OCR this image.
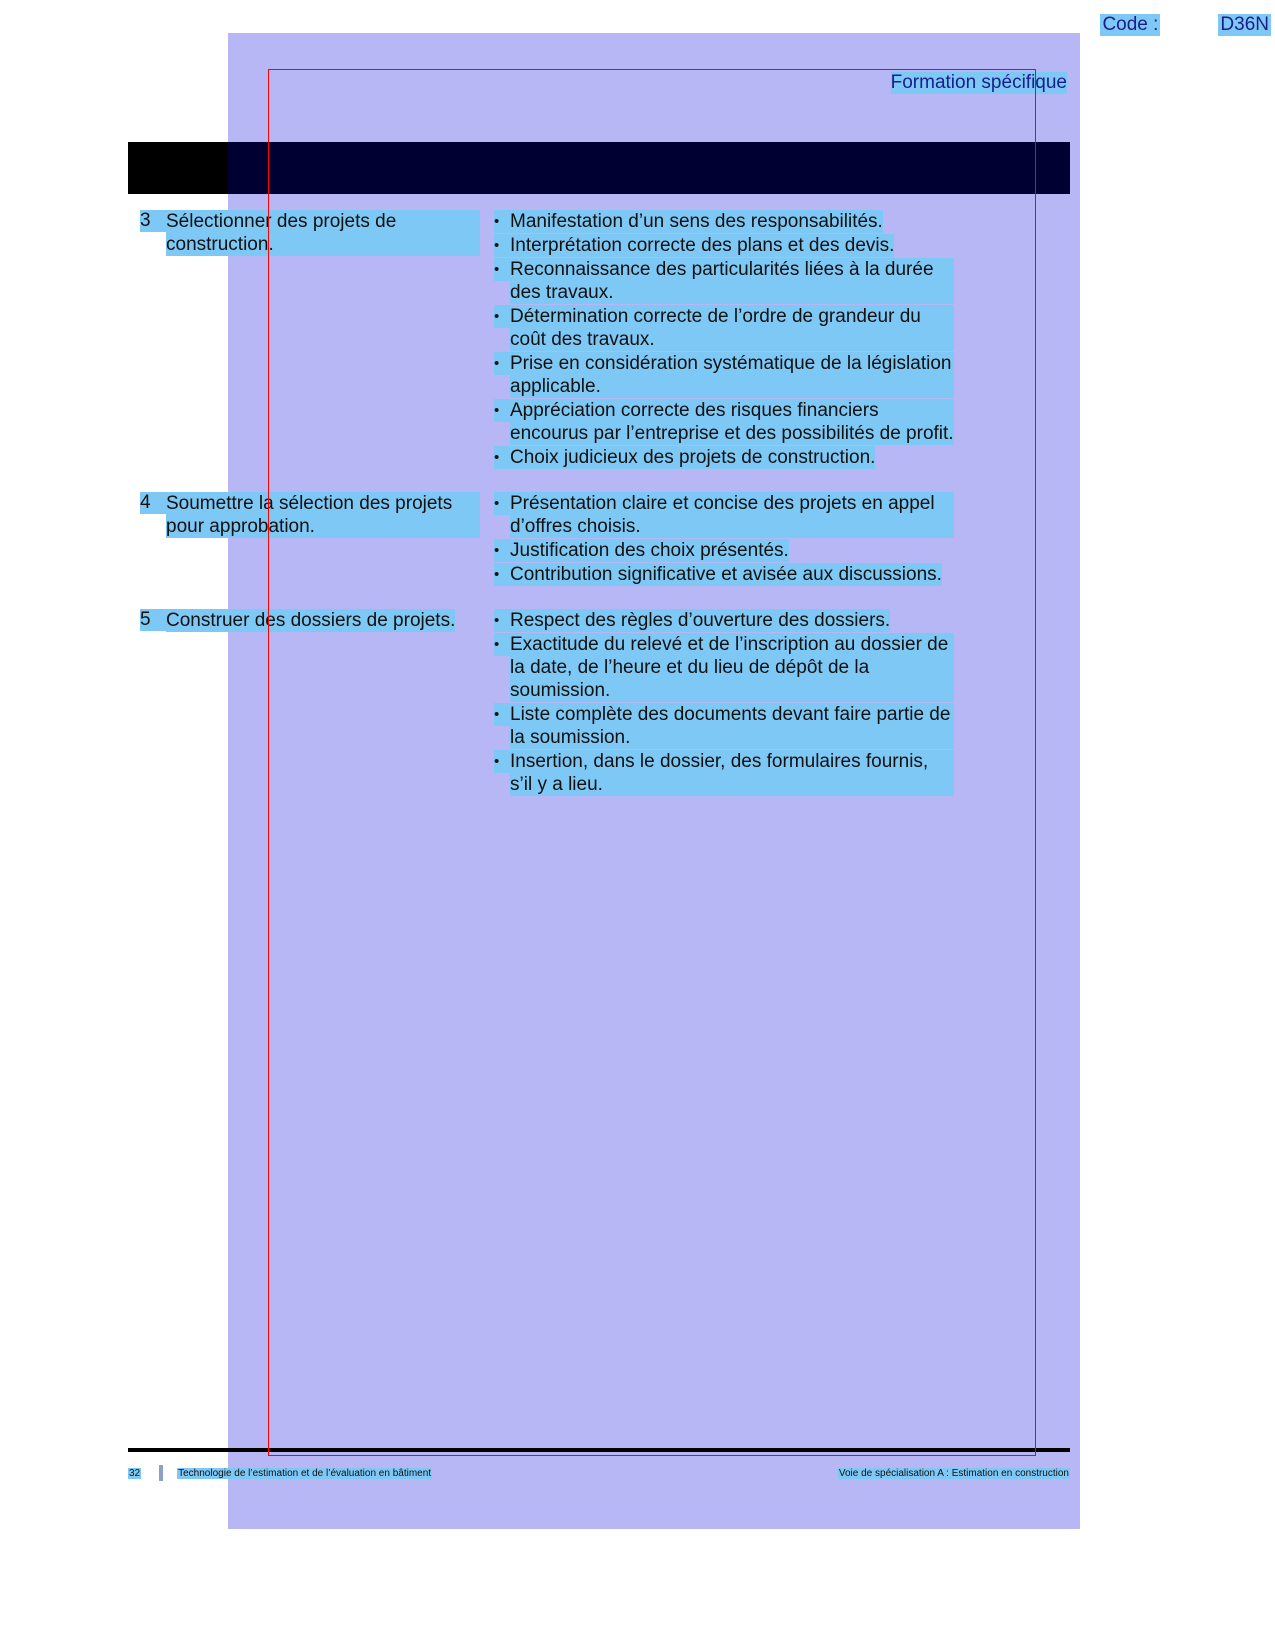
Formation spécifique
Code :	D36N
3 Sélectionner des projets de construction.
• Manifestation d’un sens des responsabilités.
• Interprétation correcte des plans et des devis.
• Reconnaissance des particularités liées à la durée des travaux.
• Détermination correcte de l’ordre de grandeur du coût des travaux.
• Prise en considération systématique de la législation applicable.
• Appréciation correcte des risques financiers encourus par l’entreprise et des possibilités de profit.
• Choix judicieux des projets de construction.
4 Soumettre la sélection des projets pour approbation.
• Présentation claire et concise des projets en appel d’offres choisis.
• Justification des choix présentés.
• Contribution significative et avisée aux discussions.
5 Construer des dossiers de projets.	• Respect des règles d’ouverture des dossiers.
• Exactitude du relevé et de l’inscription au dossier de la date, de l’heure et du lieu de dépôt de la soumission.
• Liste complète des documents devant faire partie de la soumission.
• Insertion, dans le dossier, des formulaires fournis, s’il y a lieu.
32	Technologie de l’estimation et de l’évaluation en bâtiment	Voie de spécialisation A : Estimation en construction
